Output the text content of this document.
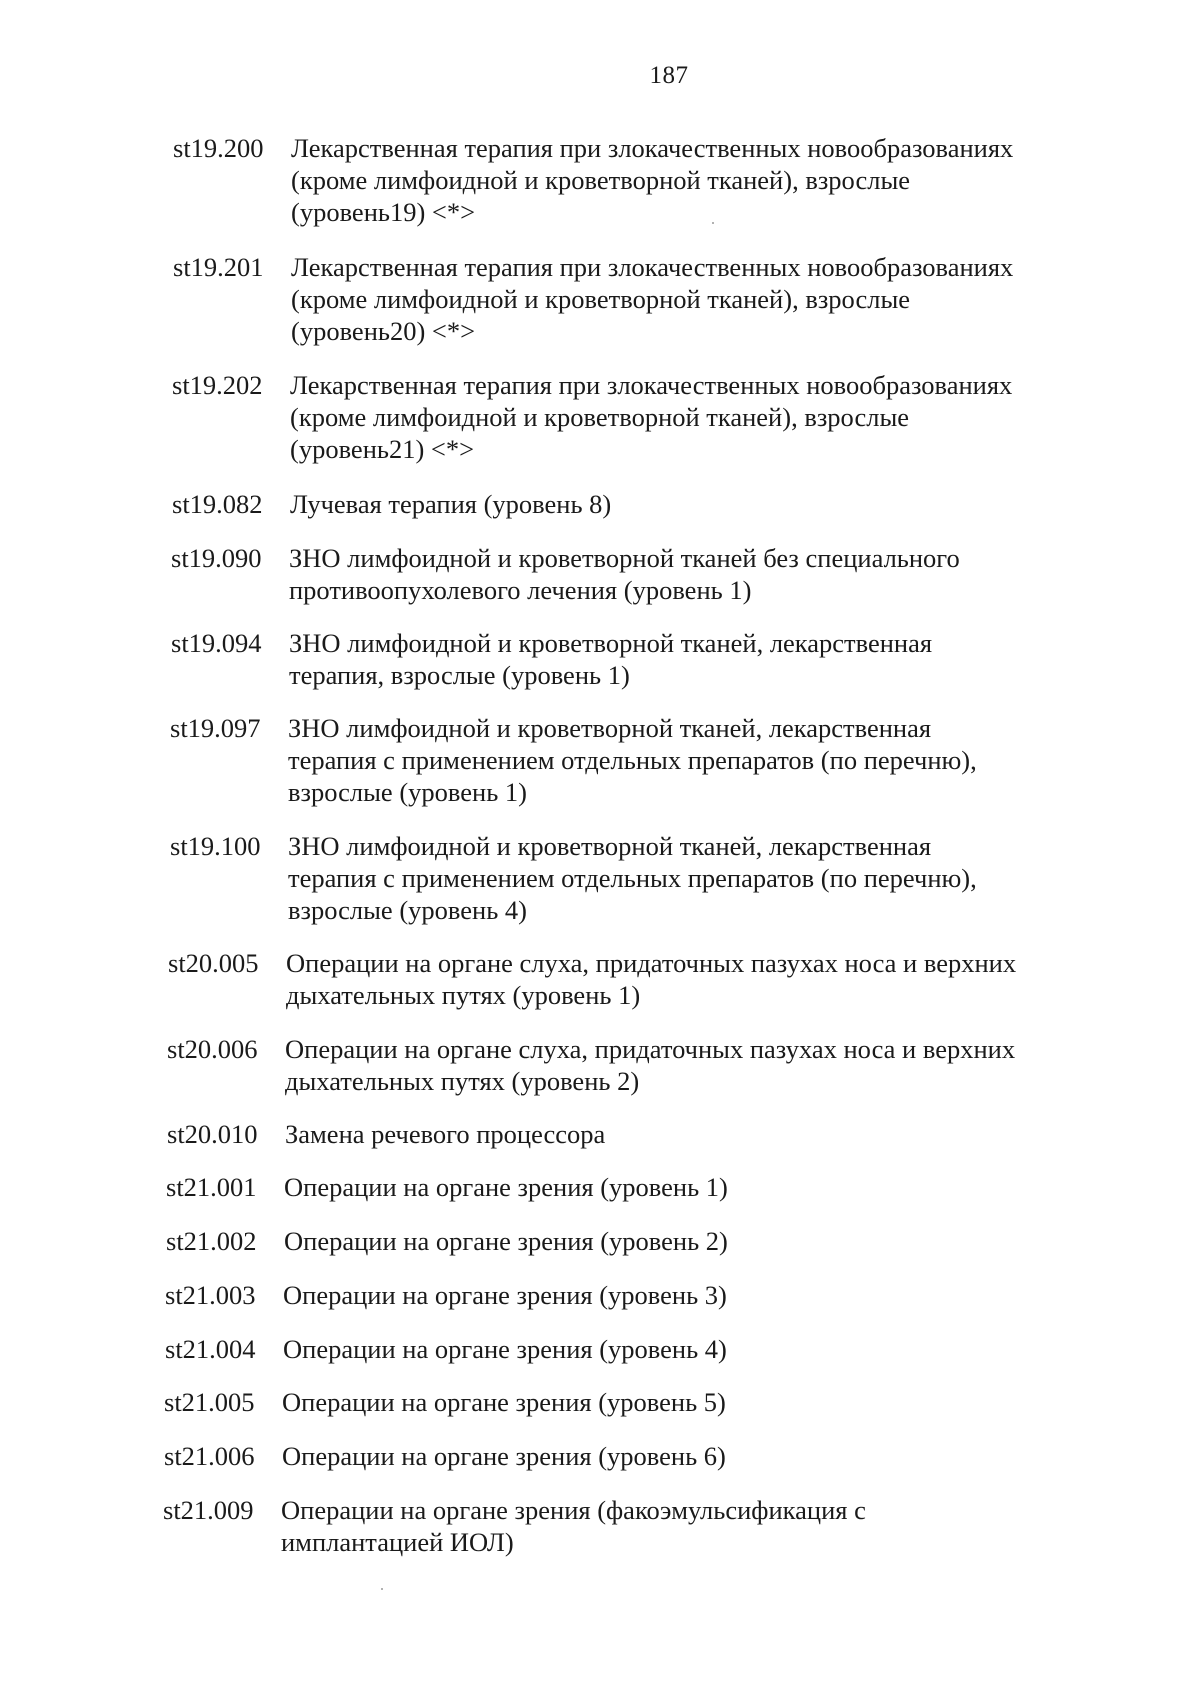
187
st19.200	Лекарственная терапия при злокачественных новообразованиях
(кроме лимфоидной и кроветворной тканей), взрослые
(уровень19) <*>
st19.201	Лекарственная терапия при злокачественных новообразованиях
(кроме лимфоидной и кроветворной тканей), взрослые
(уровень20) <*>
st19.202	Лекарственная терапия при злокачественных новообразованиях
(кроме лимфоидной и кроветворной тканей), взрослые
(уровень21) <*>
st19.082	Лучевая терапия (уровень 8)
st19.090	ЗНО лимфоидной и кроветворной тканей без специального
противоопухолевого лечения (уровень 1)
st19.094	ЗНО лимфоидной и кроветворной тканей, лекарственная
терапия, взрослые (уровень 1)
st19.097	ЗНО лимфоидной и кроветворной тканей, лекарственная
терапия с применением отдельных препаратов (по перечню),
взрослые (уровень 1)
st19.100	ЗНО лимфоидной и кроветворной тканей, лекарственная
терапия с применением отдельных препаратов (по перечню),
взрослые (уровень 4)
st20.005	Операции на органе слуха, придаточных пазухах носа и верхних
дыхательных путях (уровень 1)
st20.006	Операции на органе слуха, придаточных пазухах носа и верхних
дыхательных путях (уровень 2)
st20.010	Замена речевого процессора
st21.001	Операции на органе зрения (уровень 1)
st21.002	Операции на органе зрения (уровень 2)
st21.003	Операции на органе зрения (уровень 3)
st21.004	Операции на органе зрения (уровень 4)
st21.005	Операции на органе зрения (уровень 5)
st21.006	Операции на органе зрения (уровень 6)
st21.009	Операции на органе зрения (факоэмульсификация с
имплантацией ИОЛ)
